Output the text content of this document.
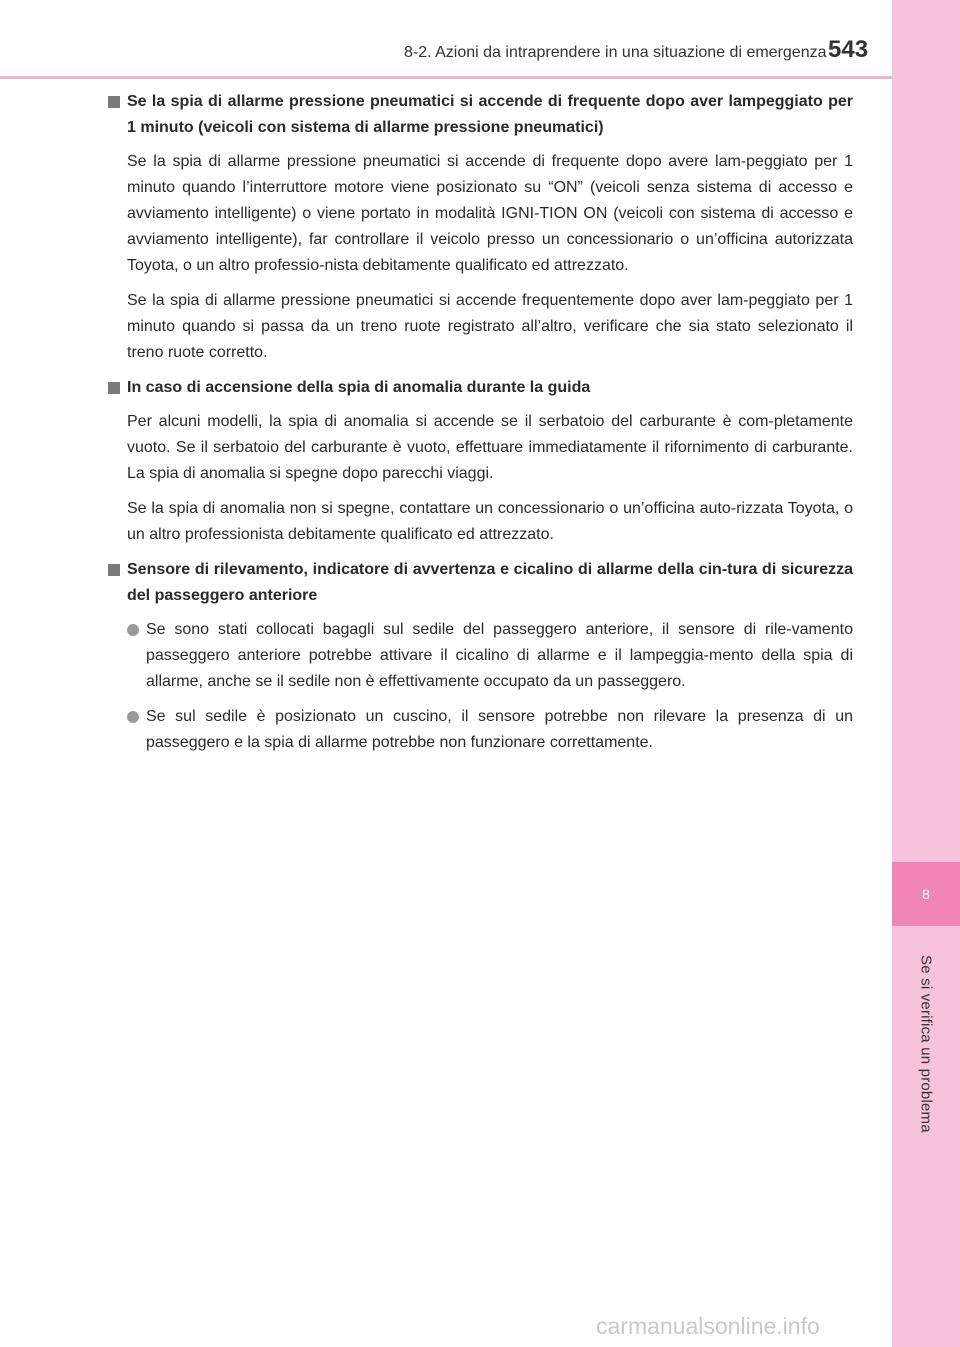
8
Se si verifica un problema
8-2. Azioni da intraprendere in una situazione di emergenza 543
Se la spia di allarme pressione pneumatici si accende di frequente dopo aver lampeggiato per 1 minuto (veicoli con sistema di allarme pressione pneumatici)

Se la spia di allarme pressione pneumatici si accende di frequente dopo avere lam-peggiato per 1 minuto quando l’interruttore motore viene posizionato su “ON” (veicoli senza sistema di accesso e avviamento intelligente) o viene portato in modalità IGNI-TION ON (veicoli con sistema di accesso e avviamento intelligente), far controllare il veicolo presso un concessionario o un’officina autorizzata Toyota, o un altro professio-nista debitamente qualificato ed attrezzato.

Se la spia di allarme pressione pneumatici si accende frequentemente dopo aver lam-peggiato per 1 minuto quando si passa da un treno ruote registrato all’altro, verificare che sia stato selezionato il treno ruote corretto.

In caso di accensione della spia di anomalia durante la guida

Per alcuni modelli, la spia di anomalia si accende se il serbatoio del carburante è com-pletamente vuoto. Se il serbatoio del carburante è vuoto, effettuare immediatamente il rifornimento di carburante. La spia di anomalia si spegne dopo parecchi viaggi.

Se la spia di anomalia non si spegne, contattare un concessionario o un’officina auto-rizzata Toyota, o un altro professionista debitamente qualificato ed attrezzato.

Sensore di rilevamento, indicatore di avvertenza e cicalino di allarme della cin-tura di sicurezza del passeggero anteriore
Se sono stati collocati bagagli sul sedile del passeggero anteriore, il sensore di rile-vamento passeggero anteriore potrebbe attivare il cicalino di allarme e il lampeggia-mento della spia di allarme, anche se il sedile non è effettivamente occupato da un passeggero.
Se sul sedile è posizionato un cuscino, il sensore potrebbe non rilevare la presenza di un passeggero e la spia di allarme potrebbe non funzionare correttamente.
carmanualsonline.info
